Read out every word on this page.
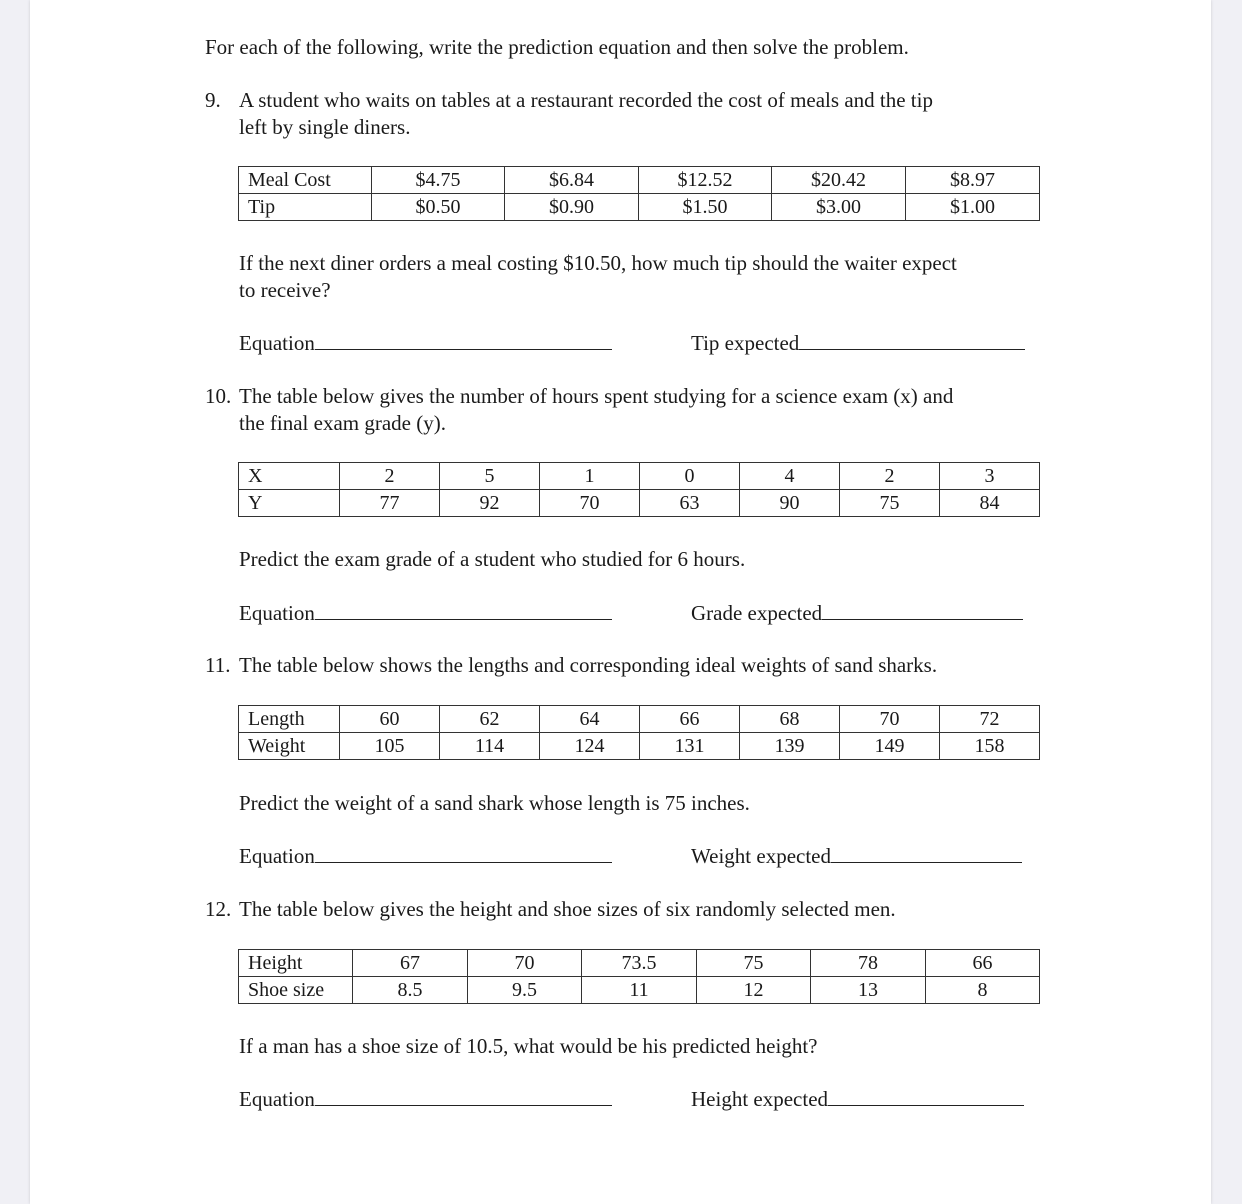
For each of the following, write the prediction equation and then solve the problem.
9. A student who waits on tables at a restaurant recorded the cost of meals and the tip
left by single diners.
Meal Cost	$4.75	$6.84	$12.52	$20.42	$8.97
Tip	$0.50	$0.90	$1.50	$3.00	$1.00
If the next diner orders a meal costing $10.50, how much tip should the waiter expect
to receive?
Equation	Tip expected
10. The table below gives the number of hours spent studying for a science exam (x) and
the final exam grade (y).
X	2	5	1	0	4	2	3
Y	77	92	70	63	90	75	84
Predict the exam grade of a student who studied for 6 hours.
Equation	Grade expected
11. The table below shows the lengths and corresponding ideal weights of sand sharks.
Length	60	62	64	66	68	70	72
Weight	105	114	124	131	139	149	158
Predict the weight of a sand shark whose length is 75 inches.
Equation	Weight expected
12. The table below gives the height and shoe sizes of six randomly selected men.
Height	67	70	73.5	75	78	66
Shoe size	8.5	9.5	11	12	13	8
If a man has a shoe size of 10.5, what would be his predicted height?
Equation	Height expected
